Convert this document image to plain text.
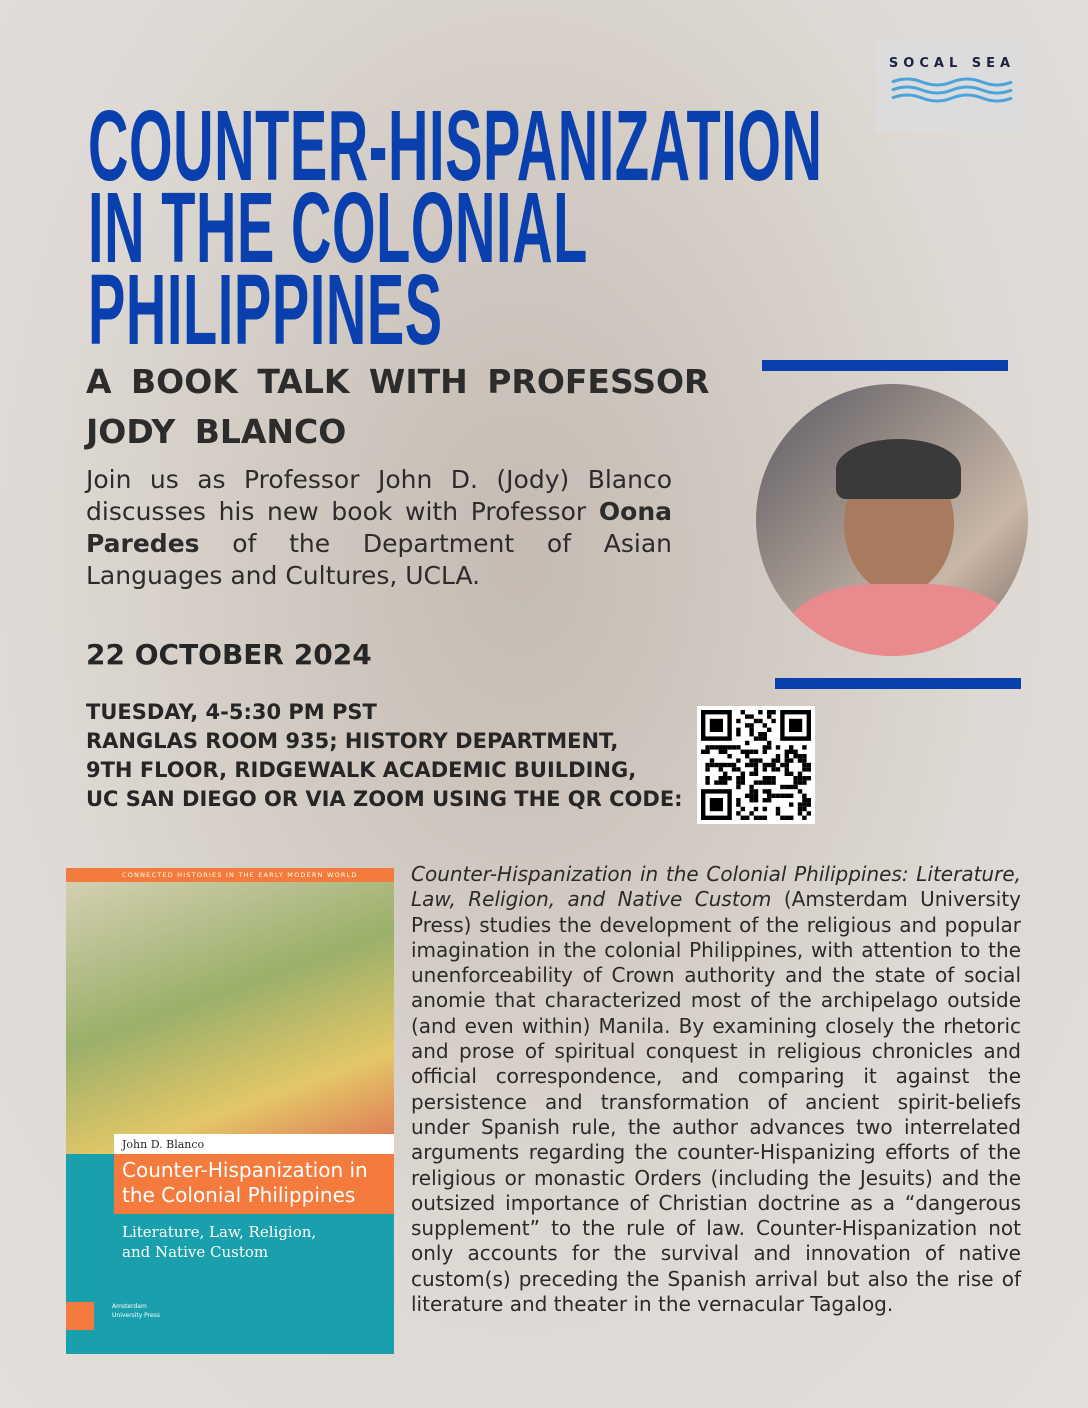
SOCAL SEA
COUNTER-HISPANIZATION
IN THE COLONIAL
PHILIPPINES
A BOOK TALK WITH PROFESSOR
JODY BLANCO

Join us as Professor John D. (Jody) Blanco discusses his new book with Professor Oona Paredes of the Department of Asian Languages and Cultures, UCLA.

22 OCTOBER 2024
TUESDAY, 4-5:30 PM PST
RANGLAS ROOM 935; HISTORY DEPARTMENT,
9TH FLOOR, RIDGEWALK ACADEMIC BUILDING,
UC SAN DIEGO OR VIA ZOOM USING THE QR CODE:
CONNECTED HISTORIES IN THE EARLY MODERN WORLD
John D. Blanco
Counter-Hispanization in the Colonial Philippines
Literature, Law, Religion, and Native Custom
Amsterdam University Press

Counter-Hispanization in the Colonial Philippines: Literature, Law, Religion, and Native Custom (Amsterdam University Press) studies the development of the religious and popular imagination in the colonial Philippines, with attention to the unenforceability of Crown authority and the state of social anomie that characterized most of the archipelago outside (and even within) Manila. By examining closely the rhetoric and prose of spiritual conquest in religious chronicles and official correspondence, and comparing it against the persistence and transformation of ancient spirit-beliefs under Spanish rule, the author advances two interrelated arguments regarding the counter-Hispanizing efforts of the religious or monastic Orders (including the Jesuits) and the outsized importance of Christian doctrine as a “dangerous supplement” to the rule of law. Counter-Hispanization not only accounts for the survival and innovation of native custom(s) preceding the Spanish arrival but also the rise of literature and theater in the vernacular Tagalog.
